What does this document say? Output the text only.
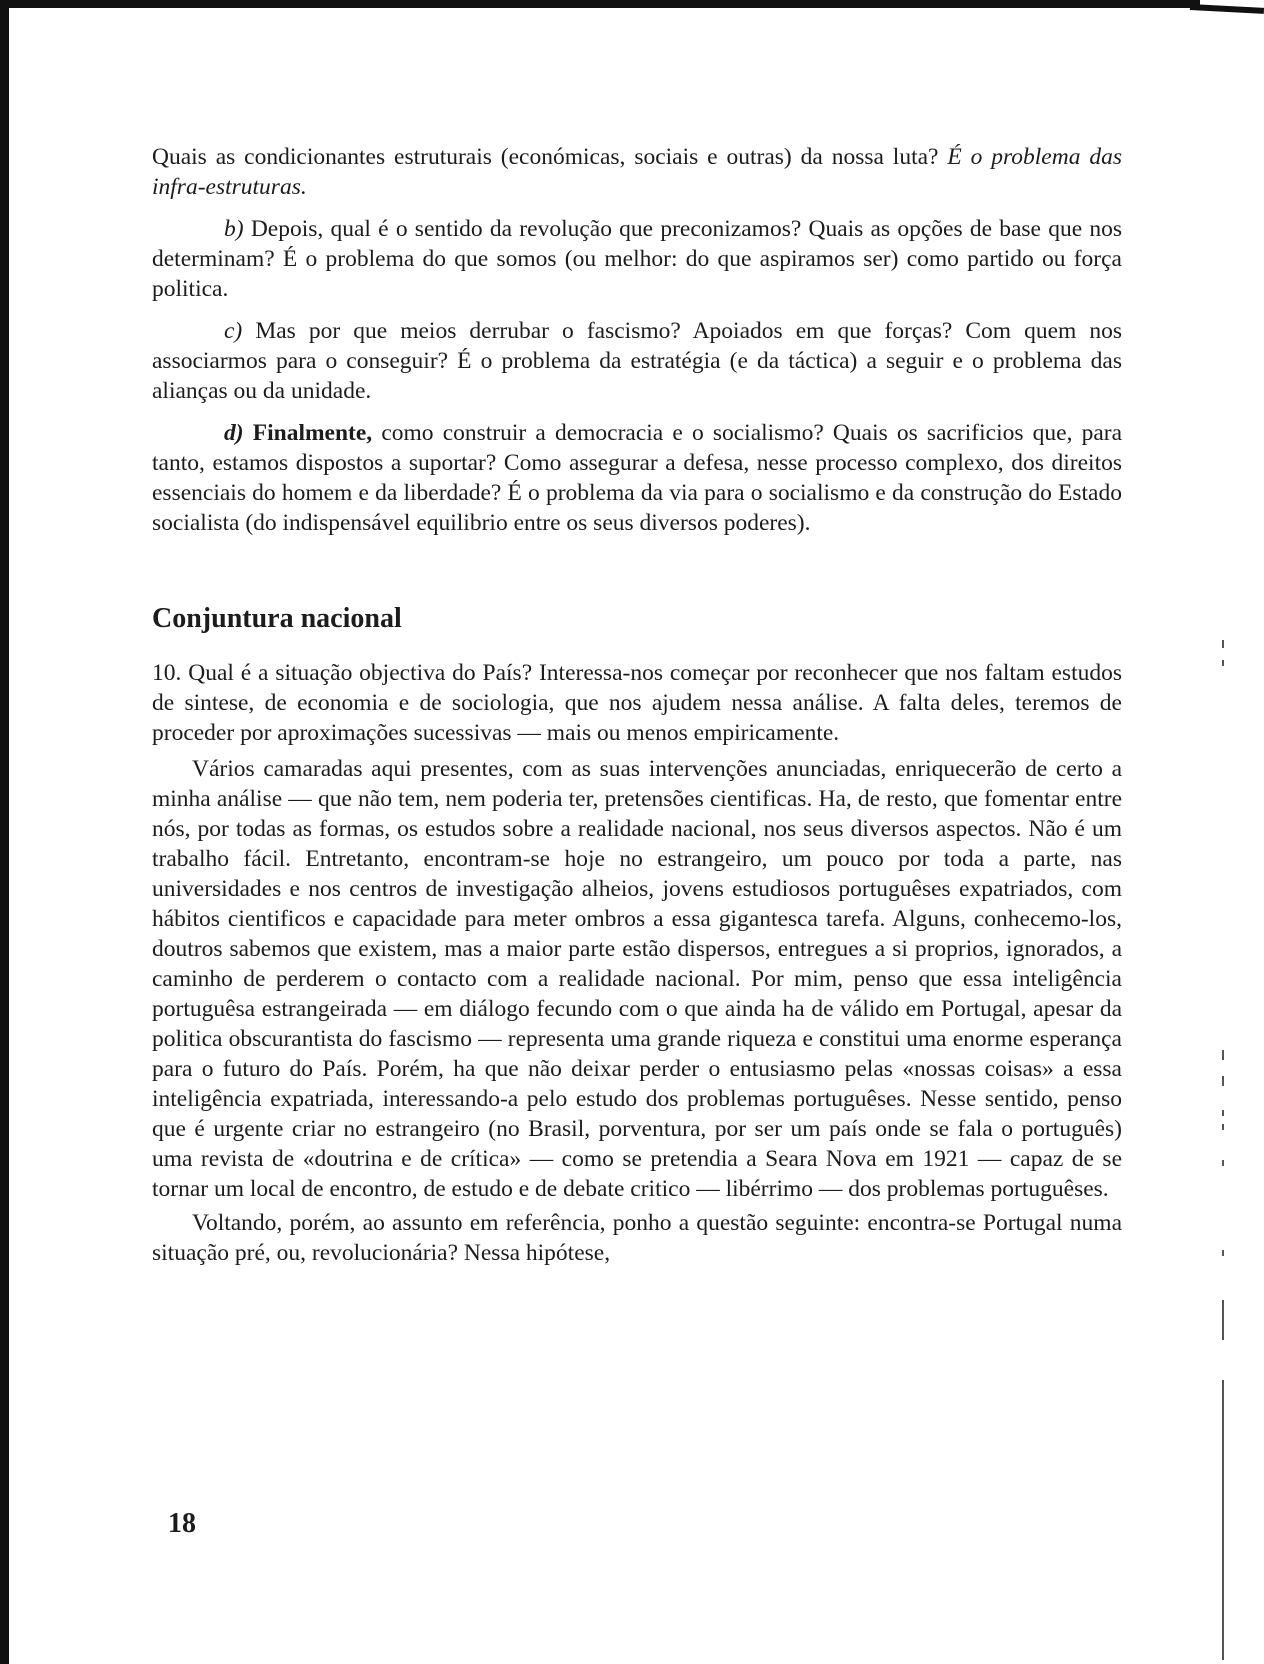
Quais as condicionantes estruturais (económicas, sociais e outras) da nossa luta? É o problema das infra-estruturas.

b) Depois, qual é o sentido da revolução que preconizamos? Quais as opções de base que nos determinam? É o problema do que somos (ou melhor: do que aspiramos ser) como partido ou força politica.

c) Mas por que meios derrubar o fascismo? Apoiados em que forças? Com quem nos associarmos para o conseguir? É o problema da estratégia (e da táctica) a seguir e o problema das alianças ou da unidade.

d) Finalmente, como construir a democracia e o socialismo? Quais os sacrificios que, para tanto, estamos dispostos a suportar? Como assegurar a defesa, nesse processo complexo, dos direitos essenciais do homem e da liberdade? É o problema da via para o socialismo e da construção do Estado socialista (do indispensável equilibrio entre os seus diversos poderes).

Conjuntura nacional

10. Qual é a situação objectiva do País? Interessa-nos começar por reconhecer que nos faltam estudos de sintese, de economia e de sociologia, que nos ajudem nessa análise. A falta deles, teremos de proceder por aproximações sucessivas — mais ou menos empiricamente.

Vários camaradas aqui presentes, com as suas intervenções anunciadas, enriquecerão de certo a minha análise — que não tem, nem poderia ter, pretensões cientificas. Ha, de resto, que fomentar entre nós, por todas as formas, os estudos sobre a realidade nacional, nos seus diversos aspectos. Não é um trabalho fácil. Entretanto, encontram-se hoje no estrangeiro, um pouco por toda a parte, nas universidades e nos centros de investigação alheios, jovens estudiosos portuguêses expatriados, com hábitos cientificos e capacidade para meter ombros a essa gigantesca tarefa. Alguns, conhecemo-los, doutros sabemos que existem, mas a maior parte estão dispersos, entregues a si proprios, ignorados, a caminho de perderem o contacto com a realidade nacional. Por mim, penso que essa inteligência portuguêsa estrangeirada — em diálogo fecundo com o que ainda ha de válido em Portugal, apesar da politica obscurantista do fascismo — representa uma grande riqueza e constitui uma enorme esperança para o futuro do País. Porém, ha que não deixar perder o entusiasmo pelas «nossas coisas» a essa inteligência expatriada, interessando-a pelo estudo dos problemas portuguêses. Nesse sentido, penso que é urgente criar no estrangeiro (no Brasil, porventura, por ser um país onde se fala o português) uma revista de «doutrina e de crítica» — como se pretendia a Seara Nova em 1921 — capaz de se tornar um local de encontro, de estudo e de debate critico — libérrimo — dos problemas portuguêses.

Voltando, porém, ao assunto em referência, ponho a questão seguinte: encontra-se Portugal numa situação pré, ou, revolucionária? Nessa hipótese,

18
